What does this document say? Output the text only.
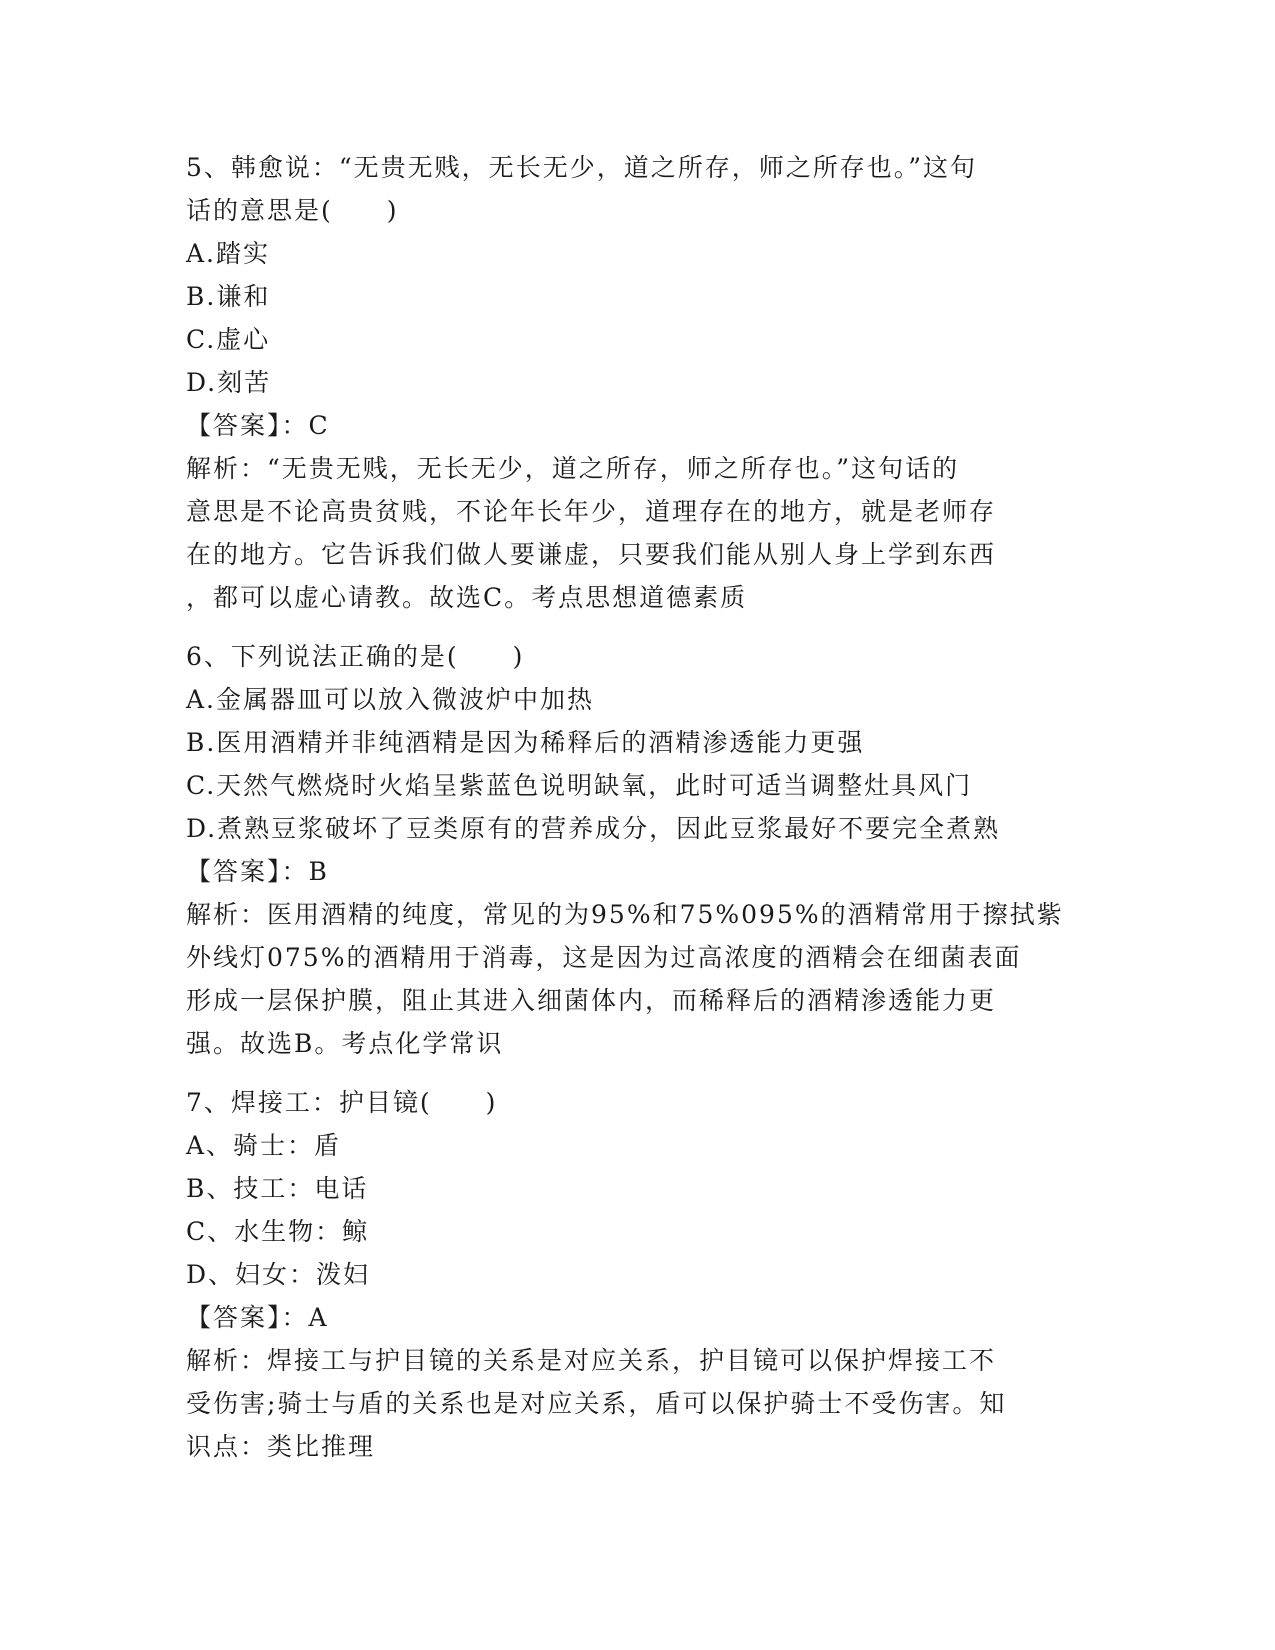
5、韩愈说：“无贵无贱，无长无少，道之所存，师之所存也。”这句
话的意思是(　　)
A.踏实
B.谦和
C.虚心
D.刻苦
【答案】：C
解析：“无贵无贱，无长无少，道之所存，师之所存也。”这句话的
意思是不论高贵贫贱，不论年长年少，道理存在的地方，就是老师存
在的地方。它告诉我们做人要谦虚，只要我们能从别人身上学到东西
，都可以虚心请教。故选C。考点思想道德素质
6、下列说法正确的是(　　)
A.金属器皿可以放入微波炉中加热
B.医用酒精并非纯酒精是因为稀释后的酒精渗透能力更强
C.天然气燃烧时火焰呈紫蓝色说明缺氧，此时可适当调整灶具风门
D.煮熟豆浆破坏了豆类原有的营养成分，因此豆浆最好不要完全煮熟
【答案】：B
解析：医用酒精的纯度，常见的为95%和75%095%的酒精常用于擦拭紫
外线灯075%的酒精用于消毒，这是因为过高浓度的酒精会在细菌表面
形成一层保护膜，阻止其进入细菌体内，而稀释后的酒精渗透能力更
强。故选B。考点化学常识
7、焊接工：护目镜(　　)
A、骑士：盾
B、技工：电话
C、水生物：鲸
D、妇女：泼妇
【答案】：A
解析：焊接工与护目镜的关系是对应关系，护目镜可以保护焊接工不
受伤害;骑士与盾的关系也是对应关系，盾可以保护骑士不受伤害。知
识点：类比推理
